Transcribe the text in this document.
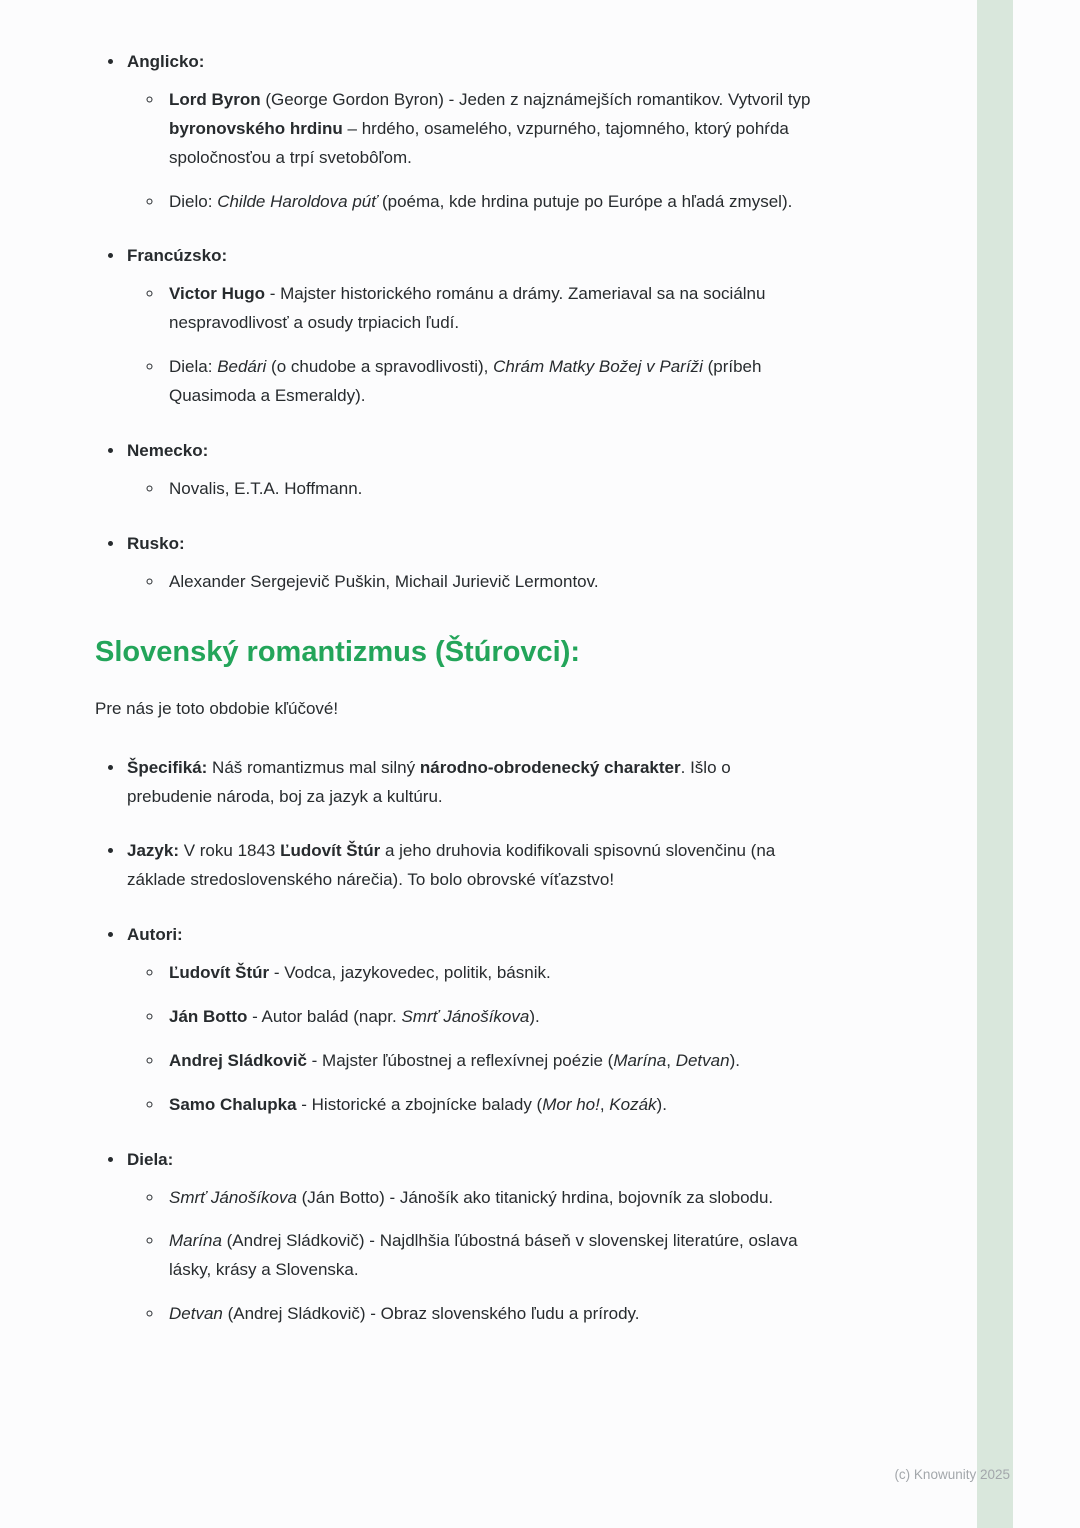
• Anglicko:
◦ Lord Byron (George Gordon Byron) - Jeden z najznámejších romantikov. Vytvoril typ byronovského hrdinu – hrdého, osamelého, vzpurného, tajomného, ktorý pohŕda spoločnosťou a trpí svetobôľom.
◦ Dielo: Childe Haroldova púť (poéma, kde hrdina putuje po Európe a hľadá zmysel).
• Francúzsko:
◦ Victor Hugo - Majster historického románu a drámy. Zameriaval sa na sociálnu nespravodlivosť a osudy trpiacich ľudí.
◦ Diela: Bedári (o chudobe a spravodlivosti), Chrám Matky Božej v Paríži (príbeh Quasimoda a Esmeraldy).
• Nemecko:
◦ Novalis, E.T.A. Hoffmann.
• Rusko:
◦ Alexander Sergejevič Puškin, Michail Jurievič Lermontov.
Slovenský romantizmus (Štúrovci):

Pre nás je toto obdobie kľúčové!

• Špecifiká: Náš romantizmus mal silný národno-obrodenecký charakter. Išlo o prebudenie národa, boj za jazyk a kultúru.
• Jazyk: V roku 1843 Ľudovít Štúr a jeho druhovia kodifikovali spisovnú slovenčinu (na základe stredoslovenského nárečia). To bolo obrovské víťazstvo!
• Autori:
◦ Ľudovít Štúr - Vodca, jazykovedec, politik, básnik.
◦ Ján Botto - Autor balád (napr. Smrť Jánošíkova).
◦ Andrej Sládkovič - Majster ľúbostnej a reflexívnej poézie (Marína, Detvan).
◦ Samo Chalupka - Historické a zbojnícke balady (Mor ho!, Kozák).
• Diela:
◦ Smrť Jánošíkova (Ján Botto) - Jánošík ako titanický hrdina, bojovník za slobodu.
◦ Marína (Andrej Sládkovič) - Najdlhšia ľúbostná báseň v slovenskej literatúre, oslava lásky, krásy a Slovenska.
◦ Detvan (Andrej Sládkovič) - Obraz slovenského ľudu a prírody.
(c) Knowunity 2025
